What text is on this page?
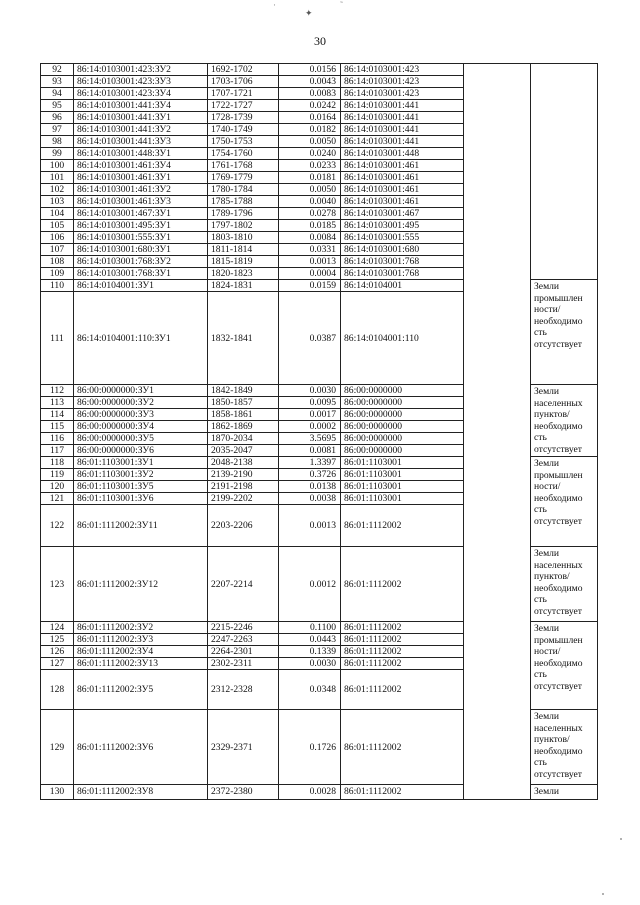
30
✦
·	˜
92	86:14:0103001:423:ЗУ2	1692-1702	0.0156	86:14:0103001:423		
93	86:14:0103001:423:ЗУ3	1703-1706	0.0043	86:14:0103001:423		
94	86:14:0103001:423:ЗУ4	1707-1721	0.0083	86:14:0103001:423		
95	86:14:0103001:441:ЗУ4	1722-1727	0.0242	86:14:0103001:441		
96	86:14:0103001:441:ЗУ1	1728-1739	0.0164	86:14:0103001:441		
97	86:14:0103001:441:ЗУ2	1740-1749	0.0182	86:14:0103001:441		
98	86:14:0103001:441:ЗУ3	1750-1753	0.0050	86:14:0103001:441		
99	86:14:0103001:448:ЗУ1	1754-1760	0.0240	86:14:0103001:448		
100	86:14:0103001:461:ЗУ4	1761-1768	0.0233	86:14:0103001:461		
101	86:14:0103001:461:ЗУ1	1769-1779	0.0181	86:14:0103001:461		
102	86:14:0103001:461:ЗУ2	1780-1784	0.0050	86:14:0103001:461		
103	86:14:0103001:461:ЗУ3	1785-1788	0.0040	86:14:0103001:461		
104	86:14:0103001:467:ЗУ1	1789-1796	0.0278	86:14:0103001:467		
105	86:14:0103001:495:ЗУ1	1797-1802	0.0185	86:14:0103001:495		
106	86:14:0103001:555:ЗУ1	1803-1810	0.0084	86:14:0103001:555		
107	86:14:0103001:680:ЗУ1	1811-1814	0.0331	86:14:0103001:680		
108	86:14:0103001:768:ЗУ2	1815-1819	0.0013	86:14:0103001:768		
109	86:14:0103001:768:ЗУ1	1820-1823	0.0004	86:14:0103001:768		
110	86:14:0104001:ЗУ1	1824-1831	0.0159	86:14:0104001		Земли промышлен ности/ необходимо сть отсутствует
111	86:14:0104001:110:ЗУ1	1832-1841	0.0387	86:14:0104001:110		
112	86:00:0000000:ЗУ1	1842-1849	0.0030	86:00:0000000		Земли населенных пунктов/ необходимо сть отсутствует
113	86:00:0000000:ЗУ2	1850-1857	0.0095	86:00:0000000		
114	86:00:0000000:ЗУ3	1858-1861	0.0017	86:00:0000000		
115	86:00:0000000:ЗУ4	1862-1869	0.0002	86:00:0000000		
116	86:00:0000000:ЗУ5	1870-2034	3.5695	86:00:0000000		
117	86:00:0000000:ЗУ6	2035-2047	0.0081	86:00:0000000		
118	86:01:1103001:ЗУ1	2048-2138	1.3397	86:01:1103001		Земли промышлен ности/ необходимо сть отсутствует
119	86:01:1103001:ЗУ2	2139-2190	0.3726	86:01:1103001		
120	86:01:1103001:ЗУ5	2191-2198	0.0138	86:01:1103001		
121	86:01:1103001:ЗУ6	2199-2202	0.0038	86:01:1103001		
122	86:01:1112002:ЗУ11	2203-2206	0.0013	86:01:1112002		
123	86:01:1112002:ЗУ12	2207-2214	0.0012	86:01:1112002		Земли населенных пунктов/ необходимо сть отсутствует
124	86:01:1112002:ЗУ2	2215-2246	0.1100	86:01:1112002		Земли промышлен ности/ необходимо сть отсутствует
125	86:01:1112002:ЗУ3	2247-2263	0.0443	86:01:1112002		
126	86:01:1112002:ЗУ4	2264-2301	0.1339	86:01:1112002		
127	86:01:1112002:ЗУ13	2302-2311	0.0030	86:01:1112002		
128	86:01:1112002:ЗУ5	2312-2328	0.0348	86:01:1112002		
129	86:01:1112002:ЗУ6	2329-2371	0.1726	86:01:1112002		Земли населенных пунктов/ необходимо сть отсутствует
130	86:01:1112002:ЗУ8	2372-2380	0.0028	86:01:1112002		Земли
